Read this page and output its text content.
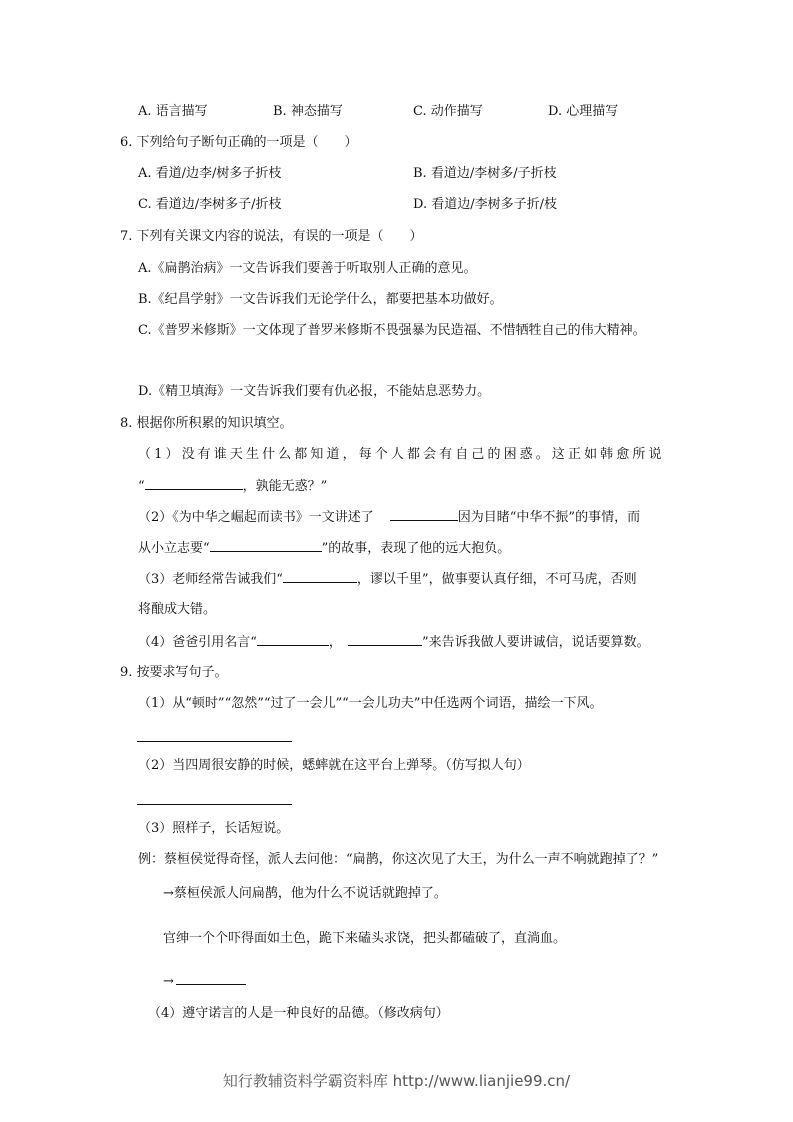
A. 语言描写	B. 神态描写	C. 动作描写	D. 心理描写
6. 下列给句子断句正确的一项是（　　）
A. 看道/边李/树多子折枝	B. 看道边/李树多/子折枝
C. 看道边/李树多子/折枝	D. 看道边/李树多子折/枝
7. 下列有关课文内容的说法，有误的一项是（　　）
A.《扁鹊治病》一文告诉我们要善于听取别人正确的意见。
B.《纪昌学射》一文告诉我们无论学什么，都要把基本功做好。
C.《普罗米修斯》一文体现了普罗米修斯不畏强暴为民造福、不惜牺牲自己的伟大精神。
D.《精卫填海》一文告诉我们要有仇必报，不能姑息恶势力。
8. 根据你所积累的知识填空。
（1）没有谁天生什么都知道，每个人都会有自己的困惑。这正如韩愈所说
“	，孰能无惑？”
（2）《为中华之崛起而读书》一文讲述了	因为目睹“中华不振”的事情，而
从小立志要“	”的故事，表现了他的远大抱负。
（3）老师经常告诫我们“	，谬以千里”，做事要认真仔细，不可马虎，否则
将酿成大错。
（4）爸爸引用名言“	，	”来告诉我做人要讲诚信，说话要算数。
9. 按要求写句子。
（1）从“顿时”“忽然”“过了一会儿”“一会儿功夫”中任选两个词语，描绘一下风。
（2）当四周很安静的时候，蟋蟀就在这平台上弹琴。（仿写拟人句）
（3）照样子，长话短说。
例：蔡桓侯觉得奇怪，派人去问他：“扁鹊，你这次见了大王，为什么一声不响就跑掉了？”
→蔡桓侯派人问扁鹊，他为什么不说话就跑掉了。
官绅一个个吓得面如土色，跪下来磕头求饶，把头都磕破了，直淌血。
→
（4）遵守诺言的人是一种良好的品德。（修改病句）
知行教辅资料学霸资料库 http://www.lianjie99.cn/
